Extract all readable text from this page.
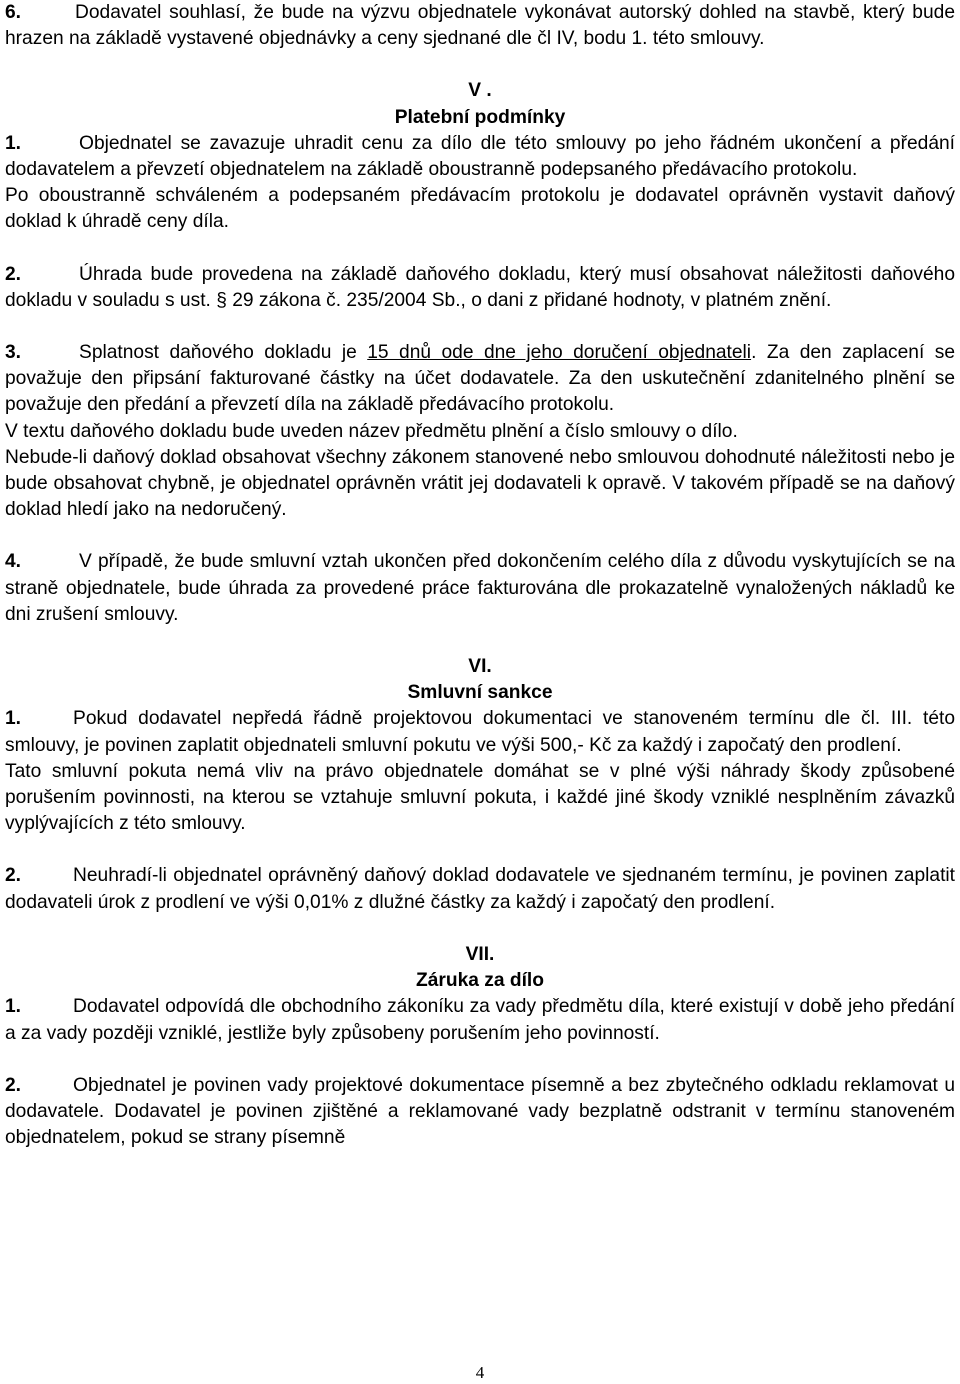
6.	Dodavatel souhlasí, že bude na výzvu objednatele vykonávat autorský dohled na stavbě, který bude hrazen na základě vystavené objednávky a ceny sjednané dle čl IV, bodu 1. této smlouvy.

V .

Platební podmínky

1.	Objednatel se zavazuje uhradit cenu za dílo dle této smlouvy po jeho řádném ukončení a předání dodavatelem a převzetí objednatelem na základě oboustranně podepsaného předávacího protokolu.

Po oboustranně schváleném a podepsaném předávacím protokolu je dodavatel oprávněn vystavit daňový doklad k úhradě ceny díla.

2.	Úhrada bude provedena na základě daňového dokladu, který musí obsahovat náležitosti daňového dokladu v souladu s ust. § 29 zákona č. 235/2004 Sb., o dani z přidané hodnoty, v platném znění.

3.	Splatnost daňového dokladu je 15 dnů ode dne jeho doručení objednateli. Za den zaplacení se považuje den připsání fakturované částky na účet dodavatele. Za den uskutečnění zdanitelného plnění se považuje den předání a převzetí díla na základě předávacího protokolu.

V textu daňového dokladu bude uveden název předmětu plnění a číslo smlouvy o dílo.

Nebude-li daňový doklad obsahovat všechny zákonem stanovené nebo smlouvou dohodnuté náležitosti nebo je bude obsahovat chybně, je objednatel oprávněn vrátit jej dodavateli k opravě. V takovém případě se na daňový doklad hledí jako na nedoručený.

4.	V případě, že bude smluvní vztah ukončen před dokončením celého díla z důvodu vyskytujících se na straně objednatele, bude úhrada za provedené práce fakturována dle prokazatelně vynaložených nákladů ke dni zrušení smlouvy.

VI.

Smluvní sankce

1.	Pokud dodavatel nepředá řádně projektovou dokumentaci ve stanoveném termínu dle čl. III. této smlouvy, je povinen zaplatit objednateli smluvní pokutu ve výši 500,- Kč za každý i započatý den prodlení.

Tato smluvní pokuta nemá vliv na právo objednatele domáhat se v plné výši náhrady škody způsobené porušením povinnosti, na kterou se vztahuje smluvní pokuta, i každé jiné škody vzniklé nesplněním závazků vyplývajících z této smlouvy.

2.	Neuhradí-li objednatel oprávněný daňový doklad dodavatele ve sjednaném termínu, je povinen zaplatit dodavateli úrok z prodlení ve výši 0,01% z dlužné částky za každý i započatý den prodlení.

VII.

Záruka za dílo

1.	Dodavatel odpovídá dle obchodního zákoníku za vady předmětu díla, které existují v době jeho předání a za vady později vzniklé, jestliže byly způsobeny porušením jeho povinností.

2.	Objednatel je povinen vady projektové dokumentace písemně a bez zbytečného odkladu reklamovat u dodavatele. Dodavatel je povinen zjištěné a reklamované vady bezplatně odstranit v termínu stanoveném objednatelem, pokud se strany písemně

4
